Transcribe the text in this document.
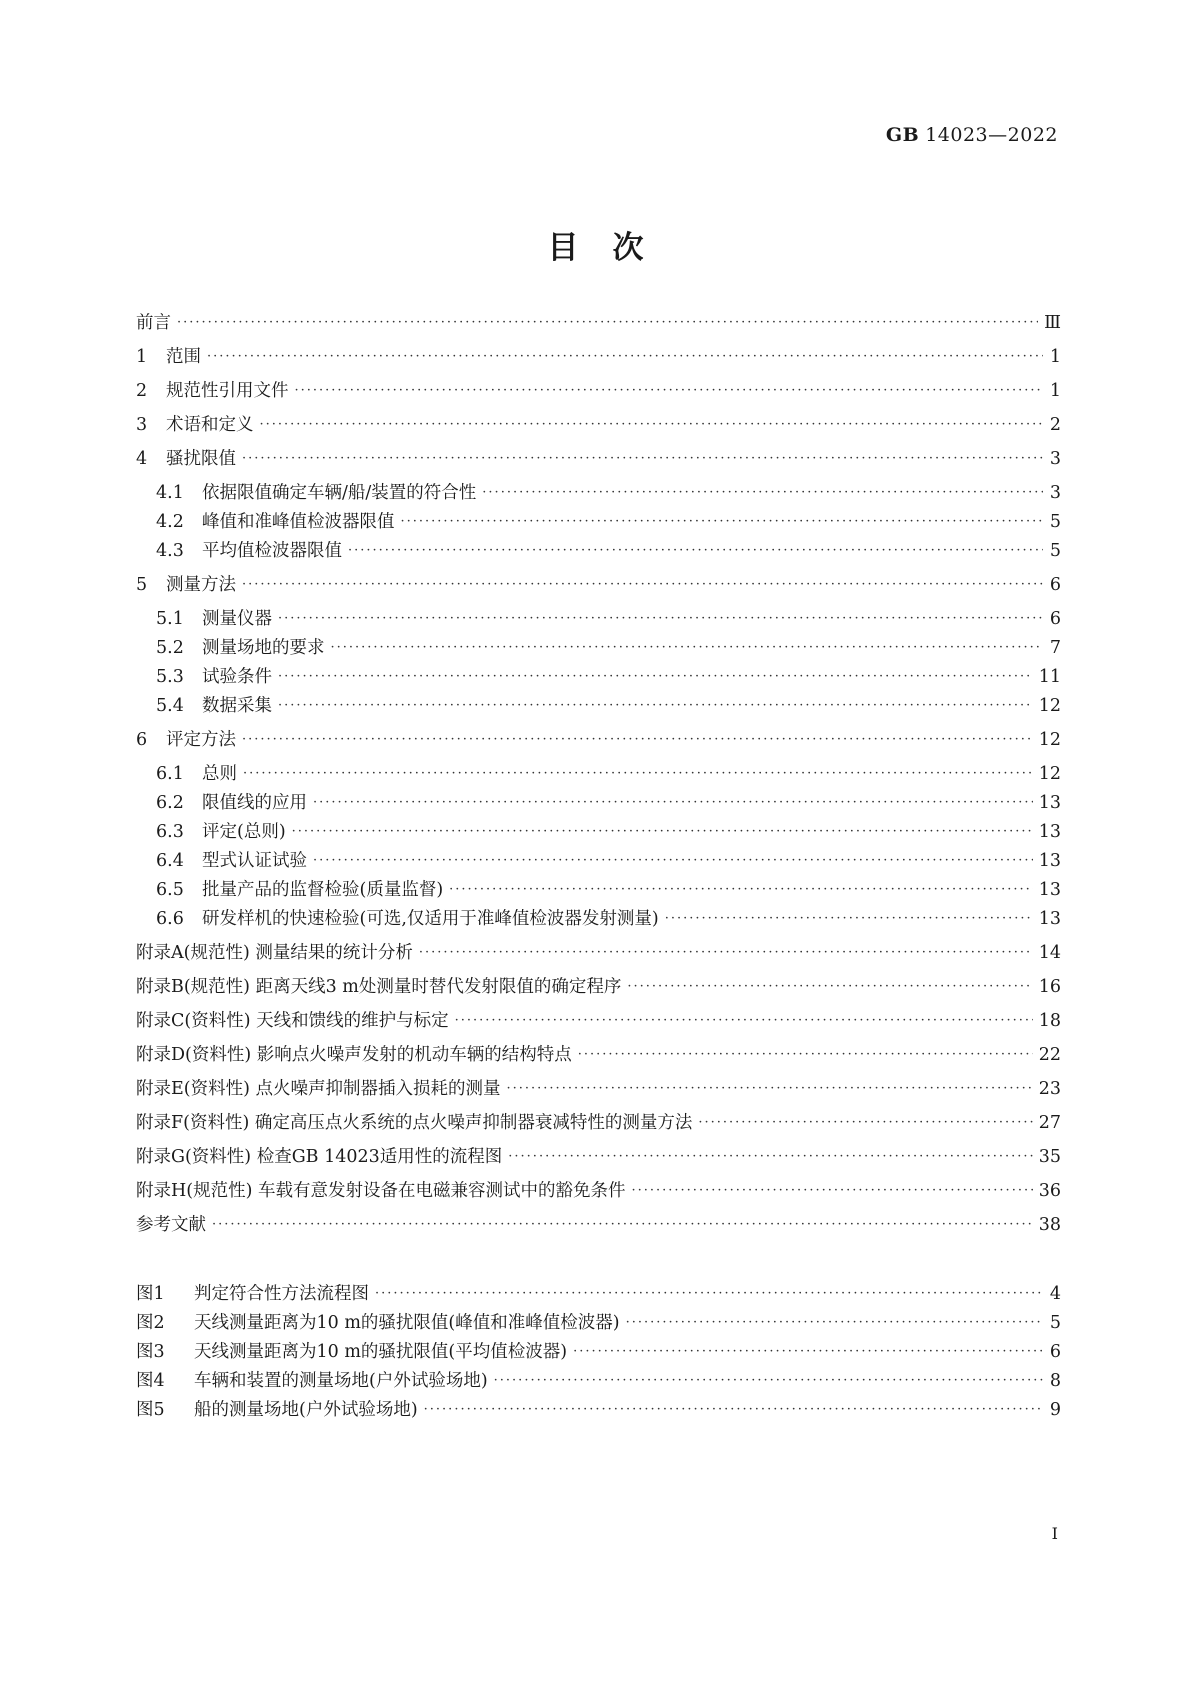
GB 14023—2022
目次
前言 ·····	Ⅲ
1	范围 ·····	1
2	规范性引用文件 ·····	1
3	术语和定义 ·····	2
4	骚扰限值 ·····	3
4.1	依据限值确定车辆/船/装置的符合性 ·····	3
4.2	峰值和准峰值检波器限值 ·····	5
4.3	平均值检波器限值 ·····	5
5	测量方法 ·····	6
5.1	测量仪器 ·····	6
5.2	测量场地的要求 ·····	7
5.3	试验条件 ·····	11
5.4	数据采集 ·····	12
6	评定方法 ·····	12
6.1	总则 ·····	12
6.2	限值线的应用 ·····	13
6.3	评定(总则) ·····	13
6.4	型式认证试验 ·····	13
6.5	批量产品的监督检验(质量监督) ·····	13
6.6	研发样机的快速检验(可选,仅适用于准峰值检波器发射测量) ·····	13
附录A(规范性) 测量结果的统计分析 ·····	14
附录B(规范性) 距离天线3 m处测量时替代发射限值的确定程序 ·····	16
附录C(资料性) 天线和馈线的维护与标定 ·····	18
附录D(资料性) 影响点火噪声发射的机动车辆的结构特点 ·····	22
附录E(资料性) 点火噪声抑制器插入损耗的测量 ·····	23
附录F(资料性) 确定高压点火系统的点火噪声抑制器衰减特性的测量方法 ·····	27
附录G(资料性) 检查GB 14023适用性的流程图 ·····	35
附录H(规范性) 车载有意发射设备在电磁兼容测试中的豁免条件 ·····	36
参考文献 ·····	38
图1	判定符合性方法流程图 ·····	4
图2	天线测量距离为10 m的骚扰限值(峰值和准峰值检波器) ·····	5
图3	天线测量距离为10 m的骚扰限值(平均值检波器) ·····	6
图4	车辆和装置的测量场地(户外试验场地) ·····	8
图5	船的测量场地(户外试验场地) ·····	9
I
